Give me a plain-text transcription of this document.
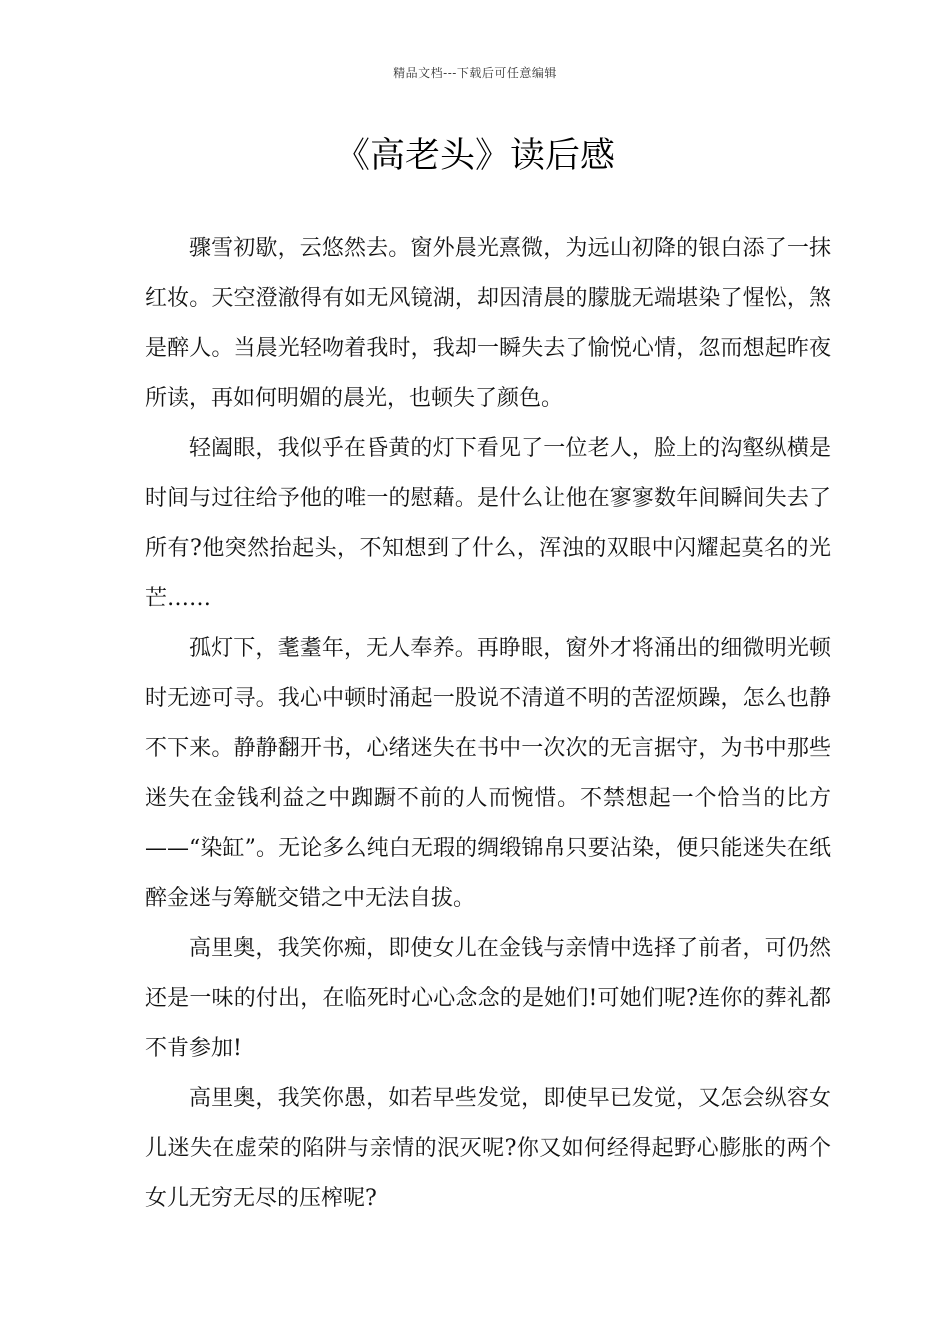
精品文档---下载后可任意编辑
《高老头》读后感

骤雪初歇，云悠然去。窗外晨光熹微，为远山初降的银白添了一抹红妆。天空澄澈得有如无风镜湖，却因清晨的朦胧无端堪染了惺忪，煞是醉人。当晨光轻吻着我时，我却一瞬失去了愉悦心情，忽而想起昨夜所读，再如何明媚的晨光，也顿失了颜色。

轻阖眼，我似乎在昏黄的灯下看见了一位老人，脸上的沟壑纵横是时间与过往给予他的唯一的慰藉。是什么让他在寥寥数年间瞬间失去了所有?他突然抬起头，不知想到了什么，浑浊的双眼中闪耀起莫名的光芒……

孤灯下，耄耋年，无人奉养。再睁眼，窗外才将涌出的细微明光顿时无迹可寻。我心中顿时涌起一股说不清道不明的苦涩烦躁，怎么也静不下来。静静翻开书，心绪迷失在书中一次次的无言据守，为书中那些迷失在金钱利益之中踟蹰不前的人而惋惜。不禁想起一个恰当的比方——“染缸”。无论多么纯白无瑕的绸缎锦帛只要沾染，便只能迷失在纸醉金迷与筹觥交错之中无法自拔。

高里奥，我笑你痴，即使女儿在金钱与亲情中选择了前者，可仍然还是一味的付出，在临死时心心念念的是她们!可她们呢?连你的葬礼都不肯参加!

高里奥，我笑你愚，如若早些发觉，即使早已发觉，又怎会纵容女儿迷失在虚荣的陷阱与亲情的泯灭呢?你又如何经得起野心膨胀的两个女儿无穷无尽的压榨呢?
